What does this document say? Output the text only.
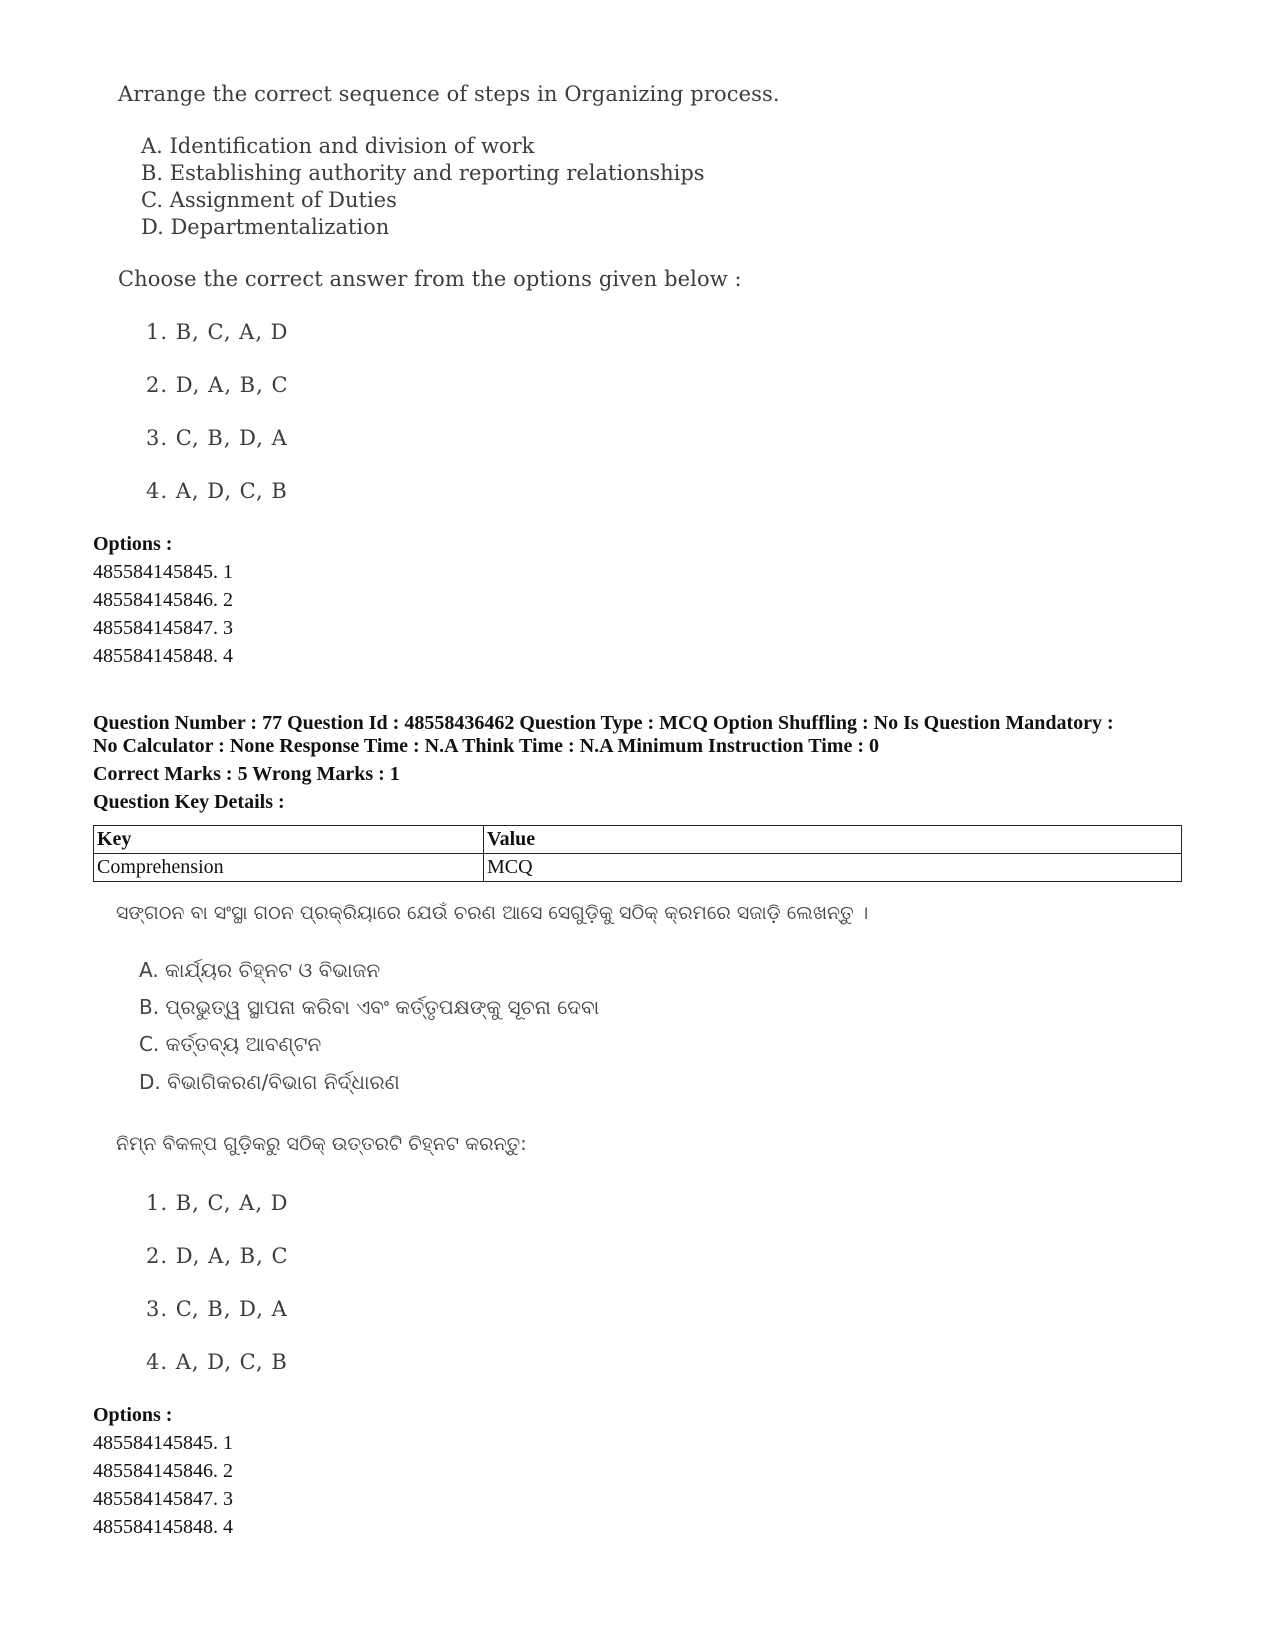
Arrange the correct sequence of steps in Organizing process.
A. Identification and division of work
B. Establishing authority and reporting relationships
C. Assignment of Duties
D. Departmentalization
Choose the correct answer from the options given below :
1. B, C, A, D
2. D, A, B, C
3. C, B, D, A
4. A, D, C, B
Options :
485584145845. 1
485584145846. 2
485584145847. 3
485584145848. 4
Question Number : 77 Question Id : 48558436462 Question Type : MCQ Option Shuffling : No Is Question Mandatory :
No Calculator : None Response Time : N.A Think Time : N.A Minimum Instruction Time : 0
Correct Marks : 5 Wrong Marks : 1
Question Key Details :
Key	Value
Comprehension	MCQ
ସଙ୍ଗଠନ ବା ସଂସ୍ଥା ଗଠନ ପ୍ରକ୍ରିୟାରେ ଯେଉଁ ଚରଣ ଆସେ ସେଗୁଡ଼ିକୁ ସଠିକ୍ କ୍ରମରେ ସଜାଡ଼ି ଲେଖନ୍ତୁ ।
A. କାର୍ଯ୍ୟର ଚିହ୍ନଟ ଓ ବିଭାଜନ
B. ପ୍ରଭୁତ୍ୱ ସ୍ଥାପନା କରିବା ଏବଂ କର୍ତ୍ତୃପକ୍ଷଙ୍କୁ ସୂଚନା ଦେବା
C. କର୍ତ୍ତବ୍ୟ ଆବଣ୍ଟନ
D. ବିଭାଗିକରଣ/ବିଭାଗ ନିର୍ଦ୍ଧାରଣ
ନିମ୍ନ ବିକଳ୍ପ ଗୁଡ଼ିକରୁ ସଠିକ୍ ଉତ୍ତରଟି ଚିହ୍ନଟ କରନ୍ତୁ:
1. B, C, A, D
2. D, A, B, C
3. C, B, D, A
4. A, D, C, B
Options :
485584145845. 1
485584145846. 2
485584145847. 3
485584145848. 4
